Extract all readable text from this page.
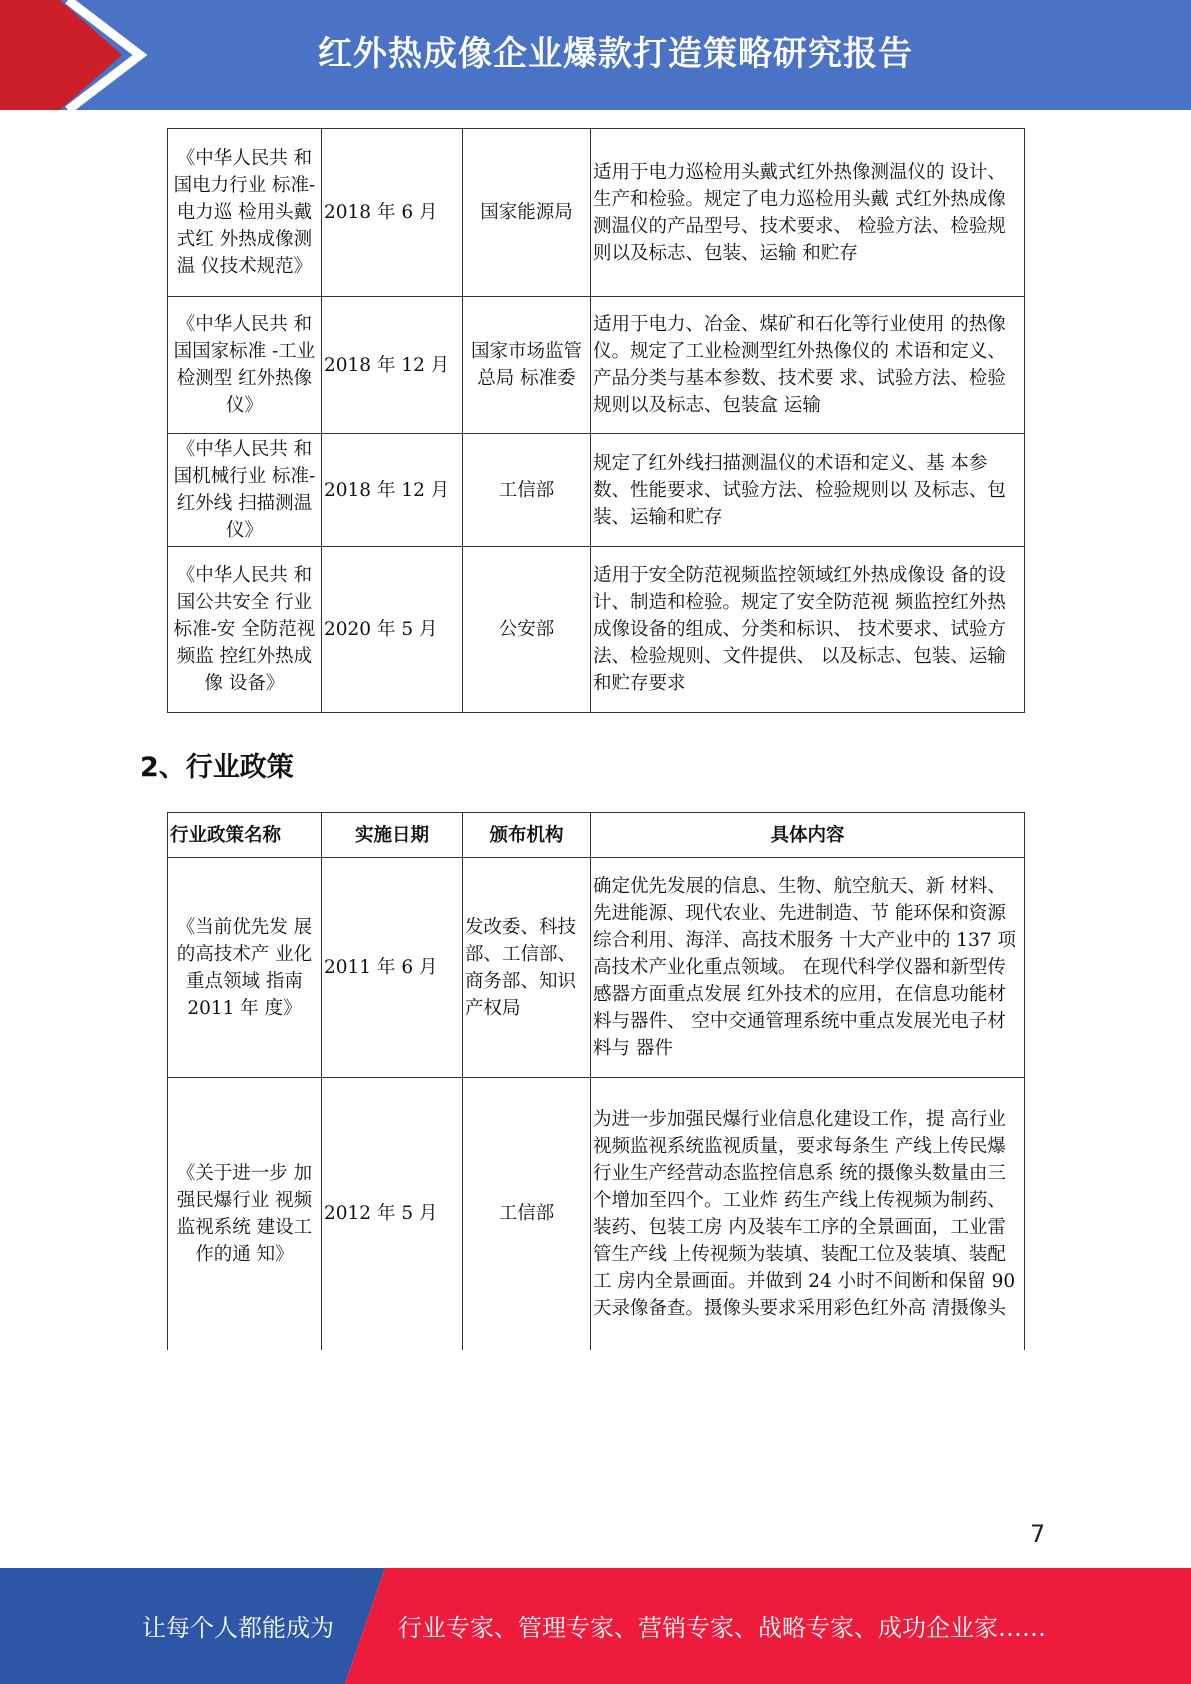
红外热成像企业爆款打造策略研究报告
《中华人民共 和国电力行业 标准-电力巡 检用头戴式红 外热成像测温 仪技术规范》	2018 年 6 月	国家能源局	适用于电力巡检用头戴式红外热像测温仪的 设计、生产和检验。规定了电力巡检用头戴 式红外热成像测温仪的产品型号、技术要求、 检验方法、检验规则以及标志、包装、运输 和贮存
《中华人民共 和国国家标准 -工业检测型 红外热像仪》	2018 年 12 月	国家市场监管总局 标准委	适用于电力、冶金、煤矿和石化等行业使用 的热像仪。规定了工业检测型红外热像仪的 术语和定义、产品分类与基本参数、技术要 求、试验方法、检验规则以及标志、包装盒 运输
《中华人民共 和国机械行业 标准-红外线 扫描测温仪》	2018 年 12 月	工信部	规定了红外线扫描测温仪的术语和定义、基 本参数、性能要求、试验方法、检验规则以 及标志、包装、运输和贮存
《中华人民共 和国公共安全 行业标准-安 全防范视频监 控红外热成像 设备》	2020 年 5 月	公安部	适用于安全防范视频监控领域红外热成像设 备的设计、制造和检验。规定了安全防范视 频监控红外热成像设备的组成、分类和标识、 技术要求、试验方法、检验规则、文件提供、 以及标志、包装、运输和贮存要求
2、行业政策
行业政策名称	实施日期	颁布机构	具体内容
《当前优先发 展的高技术产 业化重点领域 指南 2011 年 度》	2011 年 6 月	发改委、科技部、工信部、商务部、知识产权局	确定优先发展的信息、生物、航空航天、新 材料、先进能源、现代农业、先进制造、节 能环保和资源综合利用、海洋、高技术服务 十大产业中的 137 项高技术产业化重点领域。 在现代科学仪器和新型传感器方面重点发展 红外技术的应用，在信息功能材料与器件、 空中交通管理系统中重点发展光电子材料与 器件
《关于进一步 加强民爆行业 视频监视系统 建设工作的通 知》	2012 年 5 月	工信部	为进一步加强民爆行业信息化建设工作，提 高行业视频监视系统监视质量，要求每条生 产线上传民爆行业生产经营动态监控信息系 统的摄像头数量由三个增加至四个。工业炸 药生产线上传视频为制药、装药、包装工房 内及装车工序的全景画面，工业雷管生产线 上传视频为装填、装配工位及装填、装配工 房内全景画面。并做到 24 小时不间断和保留 90 天录像备查。摄像头要求采用彩色红外高 清摄像头
7
让每个人都能成为	行业专家、管理专家、营销专家、战略专家、成功企业家……
